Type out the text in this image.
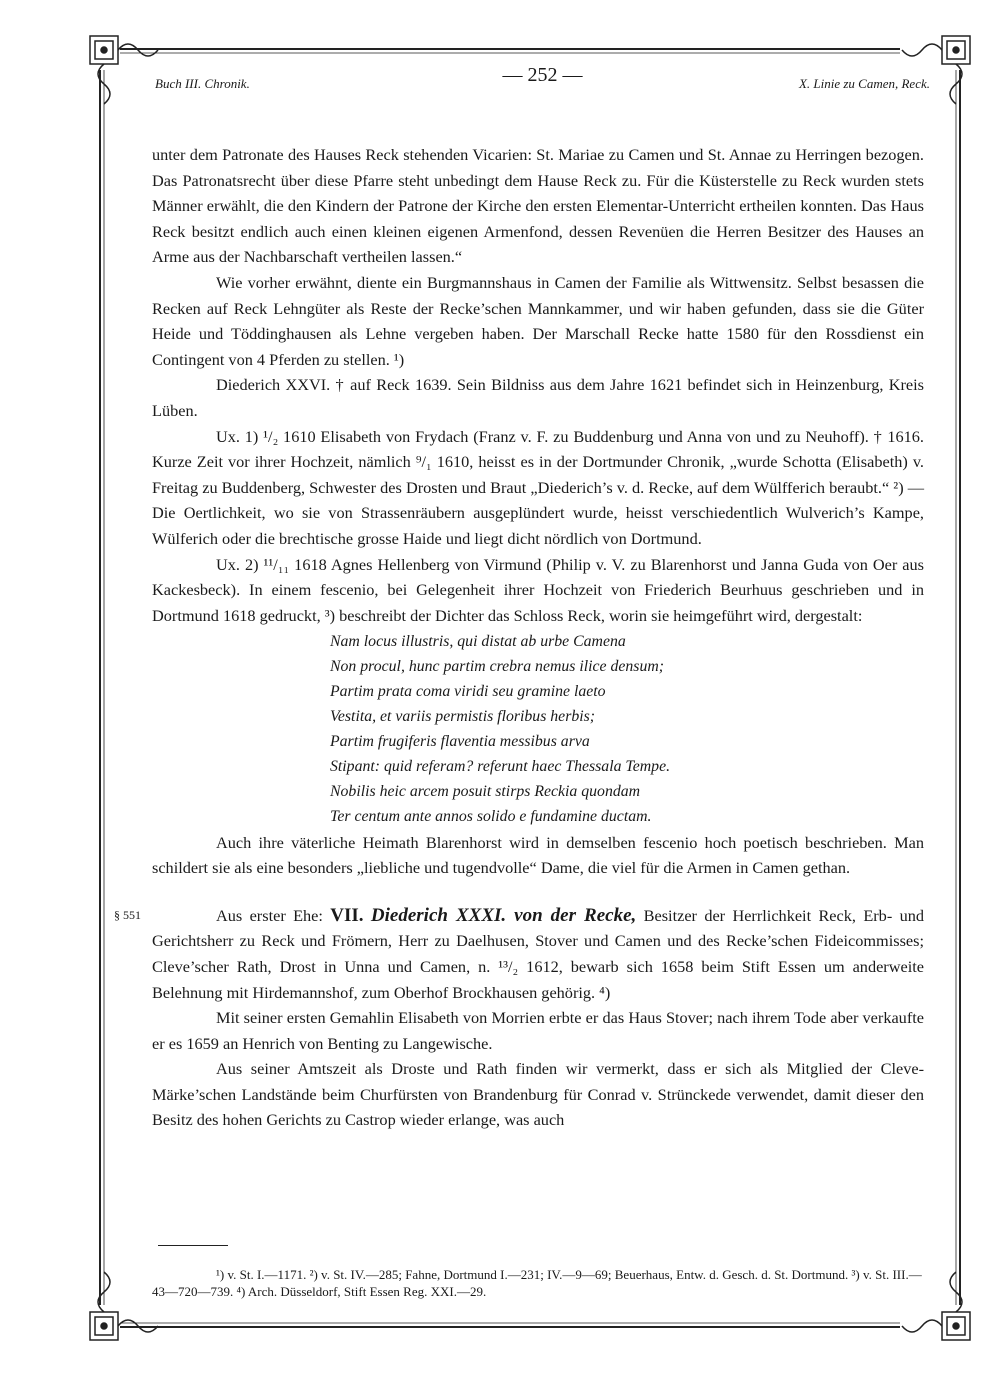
Buch III. Chronik.	— 252 —	X. Linie zu Camen, Reck.

unter dem Patronate des Hauses Reck stehenden Vicarien: St. Mariae zu Camen und St. Annae zu Herringen bezogen. Das Patronatsrecht über diese Pfarre steht unbedingt dem Hause Reck zu. Für die Küsterstelle zu Reck wurden stets Männer erwählt, die den Kindern der Patrone der Kirche den ersten Elementar-Unterricht ertheilen konnten. Das Haus Reck besitzt endlich auch einen kleinen eigenen Armenfond, dessen Revenüen die Herren Besitzer des Hauses an Arme aus der Nachbarschaft vertheilen lassen.“

Wie vorher erwähnt, diente ein Burgmannshaus in Camen der Familie als Wittwensitz. Selbst besassen die Recken auf Reck Lehngüter als Reste der Recke’schen Mannkammer, und wir haben gefunden, dass sie die Güter Heide und Töddinghausen als Lehne vergeben haben. Der Marschall Recke hatte 1580 für den Rossdienst ein Contingent von 4 Pferden zu stellen. ¹)

Diederich XXVI. † auf Reck 1639. Sein Bildniss aus dem Jahre 1621 befindet sich in Heinzenburg, Kreis Lüben.

Ux. 1) ¹/₂ 1610 Elisabeth von Frydach (Franz v. F. zu Buddenburg und Anna von und zu Neuhoff). † 1616. Kurze Zeit vor ihrer Hochzeit, nämlich ⁹/₁ 1610, heisst es in der Dortmunder Chronik, „wurde Schotta (Elisabeth) v. Freitag zu Buddenberg, Schwester des Drosten und Braut „Diederich’s v. d. Recke, auf dem Wülfferich beraubt.“ ²) — Die Oertlichkeit, wo sie von Strassenräubern ausgeplündert wurde, heisst verschiedentlich Wulverich’s Kampe, Wülferich oder die brechtische grosse Haide und liegt dicht nördlich von Dortmund.

Ux. 2) ¹¹/₁₁ 1618 Agnes Hellenberg von Virmund (Philip v. V. zu Blarenhorst und Janna Guda von Oer aus Kackesbeck). In einem fescenio, bei Gelegenheit ihrer Hochzeit von Friederich Beurhuus geschrieben und in Dortmund 1618 gedruckt, ³) beschreibt der Dichter das Schloss Reck, worin sie heimgeführt wird, dergestalt:

Nam locus illustris, qui distat ab urbe Camena
Non procul, hunc partim crebra nemus ilice densum;
Partim prata coma viridi seu gramine laeto
Vestita, et variis permistis floribus herbis;
Partim frugiferis flaventia messibus arva
Stipant: quid referam? referunt haec Thessala Tempe.
Nobilis heic arcem posuit stirps Reckia quondam
Ter centum ante annos solido e fundamine ductam.

Auch ihre väterliche Heimath Blarenhorst wird in demselben fescenio hoch poetisch beschrieben. Man schildert sie als eine besonders „liebliche und tugendvolle“ Dame, die viel für die Armen in Camen gethan.

§ 551	Aus erster Ehe: VII. Diederich XXXI. von der Recke, Besitzer der Herrlichkeit Reck, Erb- und Gerichtsherr zu Reck und Frömern, Herr zu Daelhusen, Stover und Camen und des Recke’schen Fideicommisses; Cleve’scher Rath, Drost in Unna und Camen, n. ¹³/₂ 1612, bewarb sich 1658 beim Stift Essen um anderweite Belehnung mit Hirdemannshof, zum Oberhof Brockhausen gehörig. ⁴)

Mit seiner ersten Gemahlin Elisabeth von Morrien erbte er das Haus Stover; nach ihrem Tode aber verkaufte er es 1659 an Henrich von Benting zu Langewische.

Aus seiner Amtszeit als Droste und Rath finden wir vermerkt, dass er sich als Mitglied der Cleve-Märke’schen Landstände beim Churfürsten von Brandenburg für Conrad v. Strünckede verwendet, damit dieser den Besitz des hohen Gerichts zu Castrop wieder erlange, was auch

¹) v. St. I.—1171. ²) v. St. IV.—285; Fahne, Dortmund I.—231; IV.—9—69; Beuerhaus, Entw. d. Gesch. d. St. Dortmund. ³) v. St. III.—43—720—739. ⁴) Arch. Düsseldorf, Stift Essen Reg. XXI.—29.
